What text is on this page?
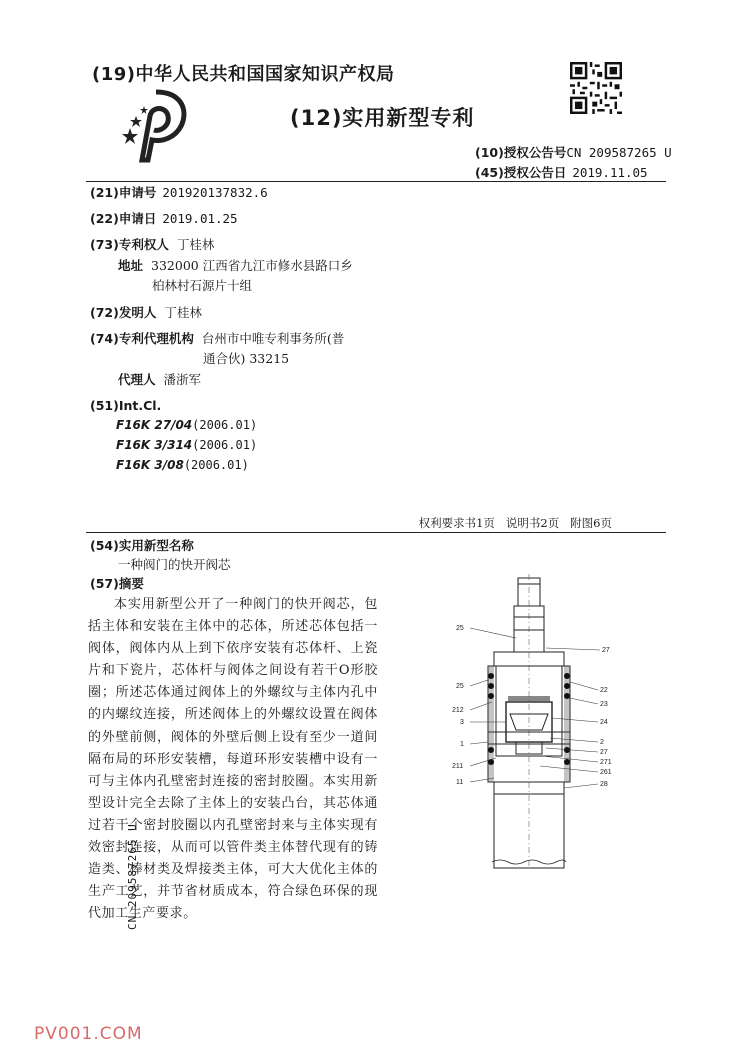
(19)中华人民共和国国家知识产权局
(12)实用新型专利
(10)授权公告号CN 209587265 U
(45)授权公告日 2019.11.05
(21)申请号 201920137832.6
(22)申请日 2019.01.25
(73)专利权人 丁桂林
地址 332000 江西省九江市修水县路口乡
柏林村石源片十组
(72)发明人 丁桂林
(74)专利代理机构 台州市中唯专利事务所(普
通合伙) 33215
代理人 潘浙军
(51)Int.Cl.
F16K 27/04(2006.01)
F16K 3/314(2006.01)
F16K 3/08(2006.01)
权利要求书1页   说明书2页   附图6页
(54)实用新型名称
一种阀门的快开阀芯
(57)摘要
本实用新型公开了一种阀门的快开阀芯，包括主体和安装在主体中的芯体，所述芯体包括一阀体，阀体内从上到下依序安装有芯体杆、上瓷片和下瓷片，芯体杆与阀体之间设有若干O形胶圈；所述芯体通过阀体上的外螺纹与主体内孔中的内螺纹连接，所述阀体上的外螺纹设置在阀体的外壁前侧，阀体的外壁后侧上设有至少一道间隔布局的环形安装槽，每道环形安装槽中设有一可与主体内孔壁密封连接的密封胶圈。本实用新型设计完全去除了主体上的安装凸台，其芯体通过若干个密封胶圈以内孔壁密封来与主体实现有效密封连接，从而可以管件类主体替代现有的铸造类、棒材类及焊接类主体，可大大优化主体的生产工艺，并节省材质成本，符合绿色环保的现代加工生产要求。
25
27
25
212
3
1
211
11
22
23
24
2
27
271
261
28
CN 209587265 U
PV001.COM
